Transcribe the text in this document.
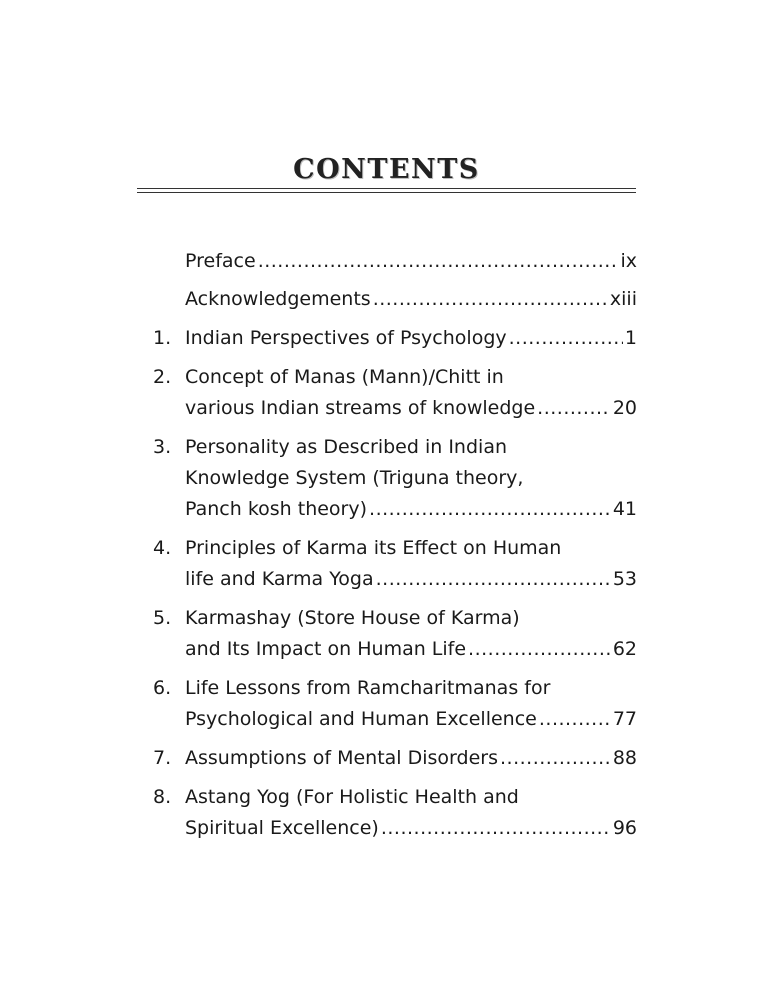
CONTENTS
Preface .....	ix
Acknowledgements .....	xiii
1. Indian Perspectives of Psychology .....	1
2. Concept of Manas (Mann)/Chitt in
various Indian streams of knowledge .....	20
3. Personality as Described in Indian
Knowledge System (Triguna theory,
Panch kosh theory) .....	41
4. Principles of Karma its Effect on Human
life and Karma Yoga .....	53
5. Karmashay (Store House of Karma)
and Its Impact on Human Life .....	62
6. Life Lessons from Ramcharitmanas for
Psychological and Human Excellence .....	77
7. Assumptions of Mental Disorders .....	88
8. Astang Yog (For Holistic Health and
Spiritual Excellence) .....	96
